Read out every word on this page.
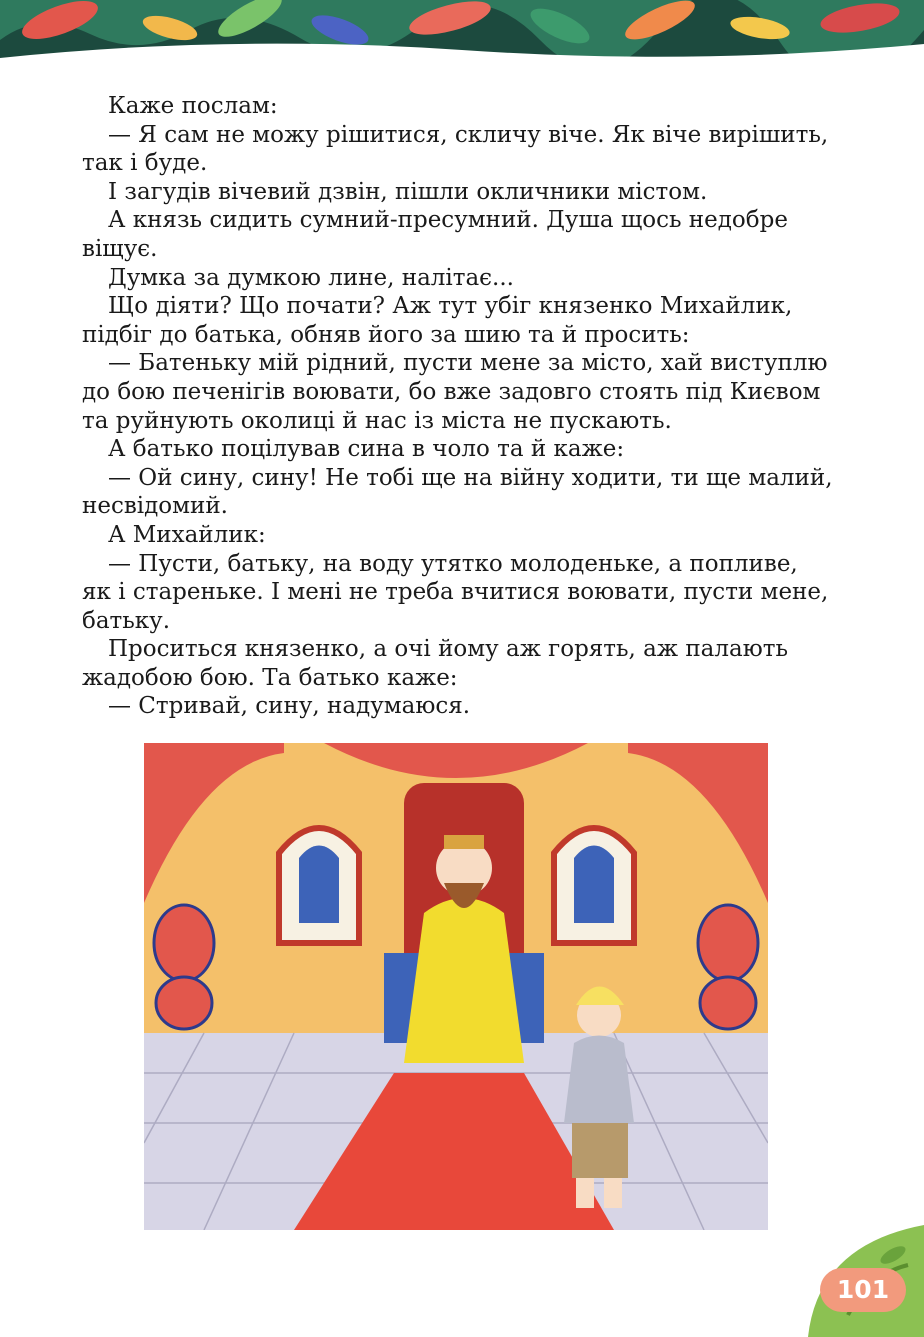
Каже послам:
— Я сам не можу рішитися, скличу віче. Як віче вирішить,
так і буде.
І загудів вічевий дзвін, пішли окличники містом.
А князь сидить сумний-пресумний. Душа щось недобре
віщує.
Думка за думкою лине, налітає...
Що діяти? Що почати? Аж тут убіг князенко Михайлик,
підбіг до батька, обняв його за шию та й просить:
— Батеньку мій рідний, пусти мене за місто, хай виступлю
до бою печенігів воювати, бо вже задовго стоять під Києвом
та руйнують околиці й нас із міста не пускають.
А батько поцілував сина в чоло та й каже:
— Ой сину, сину! Не тобі ще на війну ходити, ти ще малий,
несвідомий.
А Михайлик:
— Пусти, батьку, на воду утятко молоденьке, а попливе,
як і стареньке. І мені не треба вчитися воювати, пусти мене,
батьку.
Проситься князенко, а очі йому аж горять, аж палають
жадобою бою. Та батько каже:
— Стривай, сину, надумаюся.
101
